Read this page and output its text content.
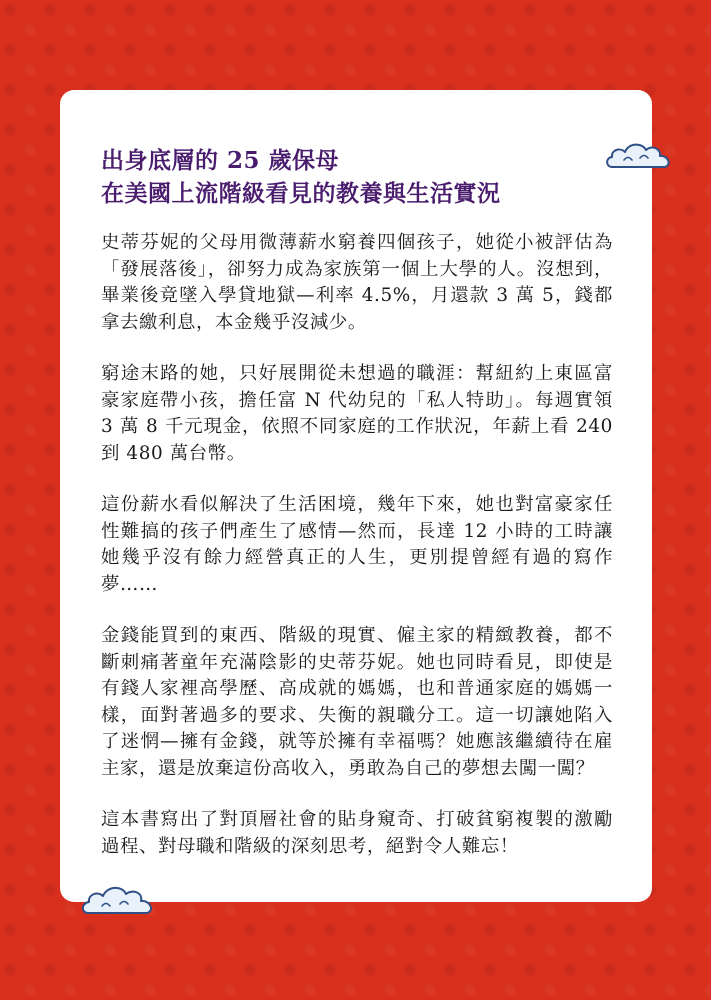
出身底層的 25 歲保母
在美國上流階級看見的教養與生活實況

史蒂芬妮的父母用微薄薪水窮養四個孩子，她從小被評估為「發展落後」，卻努力成為家族第一個上大學的人。沒想到，畢業後竟墜入學貸地獄—利率 4.5%，月還款 3 萬 5，錢都拿去繳利息，本金幾乎沒減少。

窮途末路的她，只好展開從未想過的職涯：幫紐約上東區富豪家庭帶小孩，擔任富 N 代幼兒的「私人特助」。每週實領 3 萬 8 千元現金，依照不同家庭的工作狀況，年薪上看 240 到 480 萬台幣。

這份薪水看似解決了生活困境，幾年下來，她也對富豪家任性難搞的孩子們產生了感情—然而，長達 12 小時的工時讓她幾乎沒有餘力經營真正的人生，更別提曾經有過的寫作夢……

金錢能買到的東西、階級的現實、僱主家的精緻教養，都不斷刺痛著童年充滿陰影的史蒂芬妮。她也同時看見，即使是有錢人家裡高學歷、高成就的媽媽，也和普通家庭的媽媽一樣，面對著過多的要求、失衡的親職分工。這一切讓她陷入了迷惘—擁有金錢，就等於擁有幸福嗎？她應該繼續待在雇主家，還是放棄這份高收入，勇敢為自己的夢想去闖一闖？

這本書寫出了對頂層社會的貼身窺奇、打破貧窮複製的激勵過程、對母職和階級的深刻思考，絕對令人難忘！
